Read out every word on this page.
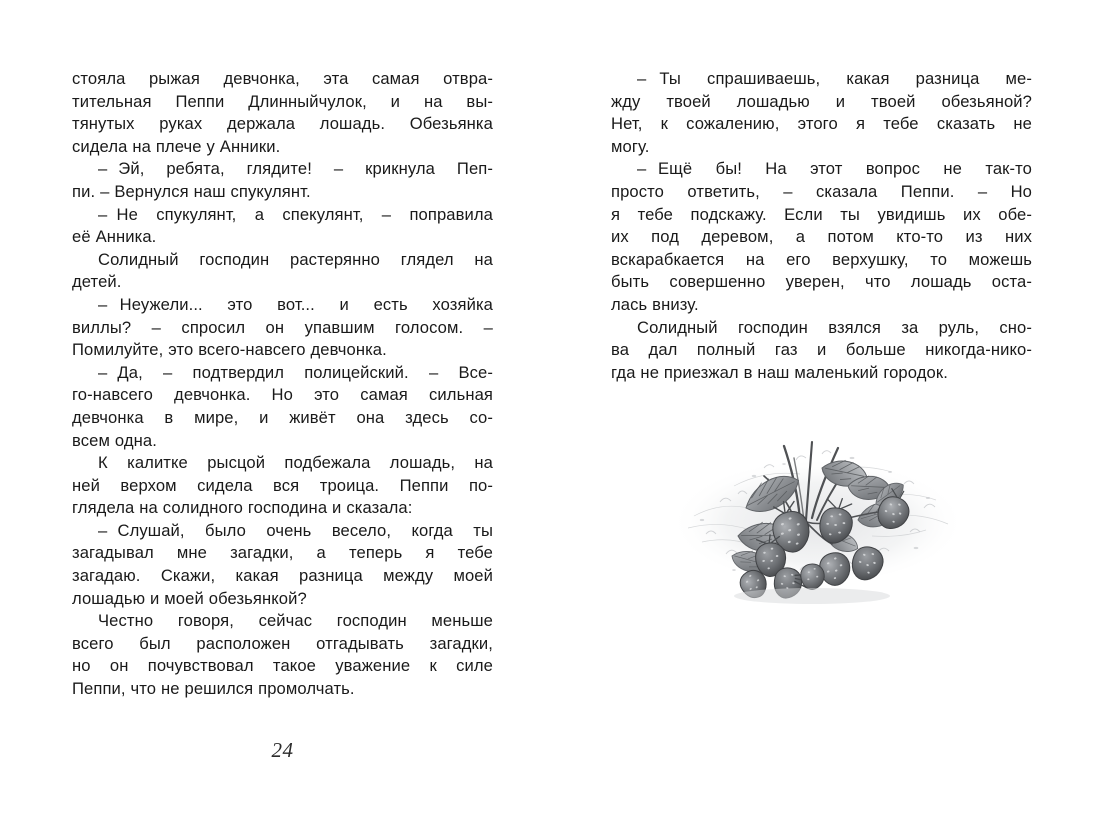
стояла  рыжая  девчонка,  эта  самая  отвра-
тительная  Пеппи  Длинныйчулок,  и  на  вы-
тянутых  руках  держала  лошадь.  Обезьянка
сидела на плече у Анники.

– Эй,  ребята,  глядите!  –  крикнула  Пеп-
пи. – Вернулся наш спукулянт.

– Не  спукулянт,  а  спекулянт,  –  поправила
её Анника.

Солидный  господин  растерянно  глядел  на
детей.

– Неужели...  это  вот...  и  есть  хозяйка
виллы?  –  спросил  он  упавшим  голосом.  –
Помилуйте, это всего-навсего девчонка.

– Да,  –  подтвердил  полицейский.  –  Все-
го-навсего девчонка. Но это самая сильная
девчонка  в  мире,  и  живёт  она  здесь  со-
всем одна.

К  калитке  рысцой  подбежала  лошадь,  на
ней  верхом  сидела  вся  троица.  Пеппи  по-
глядела на солидного господина и сказала:

– Слушай,  было  очень  весело,  когда  ты
загадывал  мне  загадки,  а  теперь  я  тебе
загадаю. Скажи, какая разница между моей
лошадью и моей обезьянкой?

Честно говоря, сейчас господин меньше
всего был расположен отгадывать загадки,
но  он  почувствовал  такое  уважение  к  силе
Пеппи, что не решился промолчать.

– Ты  спрашиваешь,  какая  разница  ме-
жду твоей лошадью и твоей обезьяной?
Нет, к сожалению, этого я тебе сказать не
могу.

– Ещё  бы!  На  этот  вопрос  не  так-то
просто  ответить,  –  сказала  Пеппи.  –  Но
я тебе подскажу. Если ты увидишь их обе-
их  под  деревом,  а  потом  кто-то  из  них
вскарабкается  на  его  верхушку,  то  можешь
быть  совершенно  уверен,  что  лошадь  оста-
лась внизу.

Солидный  господин  взялся  за  руль,  сно-
ва  дал  полный  газ  и  больше  никогда-нико-
гда не приезжал в наш маленький городок.

24
